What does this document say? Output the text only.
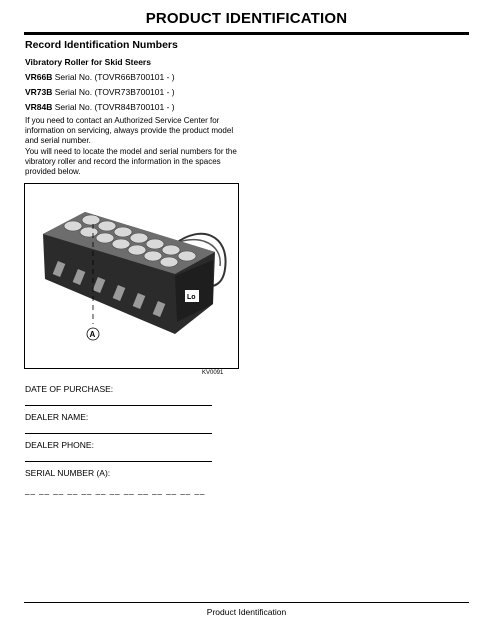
PRODUCT IDENTIFICATION
Record Identification Numbers
Vibratory Roller for Skid Steers
VR66B Serial No. (TOVR66B700101 - )
VR73B Serial No. (TOVR73B700101 - )
VR84B Serial No. (TOVR84B700101 - )
If you need to contact an Authorized Service Center for information on servicing, always provide the product model and serial number.
You will need to locate the model and serial numbers for the vibratory roller and record the information in the spaces provided below.
Lo
A
KV0091
DATE OF PURCHASE:
DEALER NAME:
DEALER PHONE:
SERIAL NUMBER (A):
__ __ __ __ __ __ __ __ __ __ __ __ __
Product Identification
